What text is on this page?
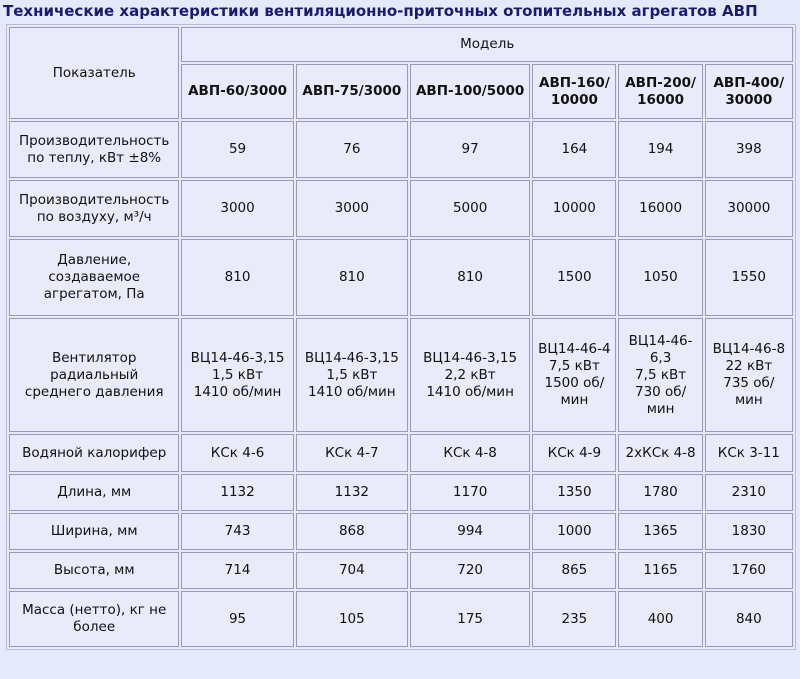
Технические характеристики вентиляционно-приточных отопительных агрегатов АВП
Показатель	Модель					
	АВП-60/3000	АВП-75/3000	АВП-100/5000	АВП-160/
10000	АВП-200/
16000	АВП-400/
30000
Производительность
по теплу, кВт ±8%	59	76	97	164	194	398
Производительность
по воздуху, м³/ч	3000	3000	5000	10000	16000	30000
Давление,
создаваемое
агрегатом, Па	810	810	810	1500	1050	1550
Вентилятор
радиальный
среднего давления	ВЦ14-46-3,15
1,5 кВт
1410 об/мин	ВЦ14-46-3,15
1,5 кВт
1410 об/мин	ВЦ14-46-3,15
2,2 кВт
1410 об/мин	ВЦ14-46-4
7,5 кВт
1500 об/
мин	ВЦ14-46-
6,3
7,5 кВт
730 об/
мин	ВЦ14-46-8
22 кВт
735 об/
мин
Водяной калорифер	КСк 4-6	КСк 4-7	КСк 4-8	КСк 4-9	2хКСк 4-8	КСк 3-11
Длина, мм	1132	1132	1170	1350	1780	2310
Ширина, мм	743	868	994	1000	1365	1830
Высота, мм	714	704	720	865	1165	1760
Масса (нетто), кг не
более	95	105	175	235	400	840
